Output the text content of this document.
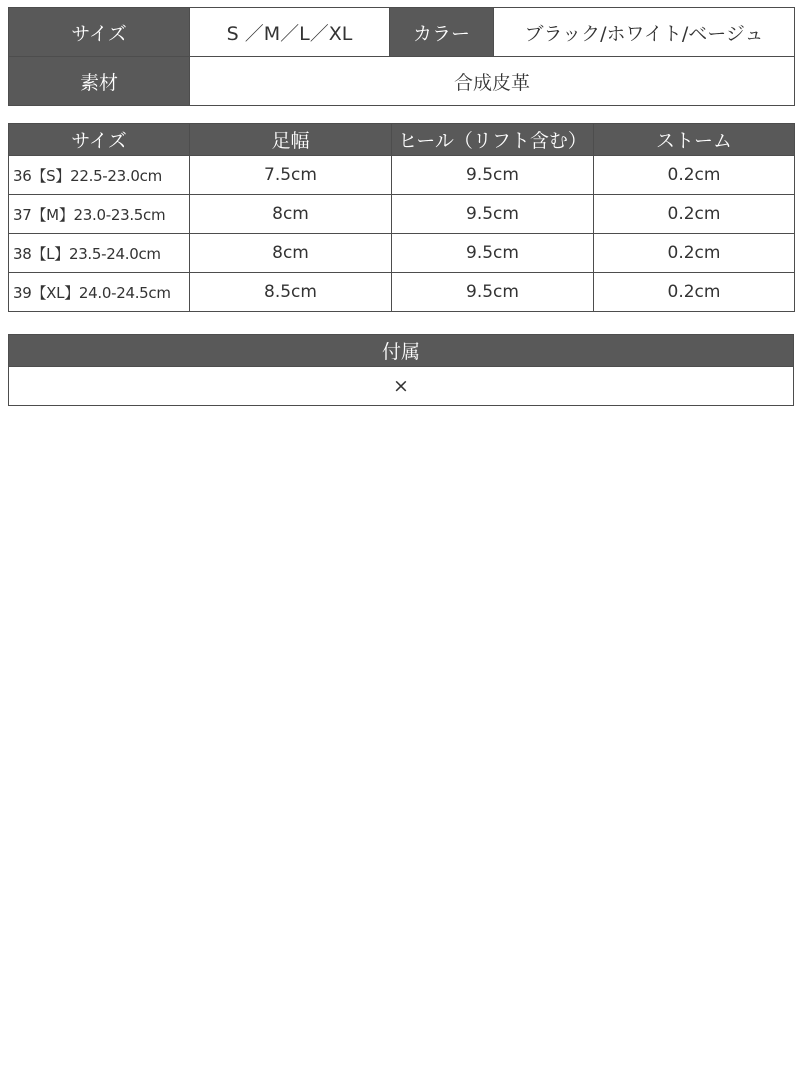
サイズ	S ／M／L／XL	カラー	ブラック/ホワイト/ベージュ
素材	合成皮革		
サイズ	足幅	ヒール（リフト含む）	ストーム
36【S】22.5-23.0cm	7.5cm	9.5cm	0.2cm
37【M】23.0-23.5cm	8cm	9.5cm	0.2cm
38【L】23.5-24.0cm	8cm	9.5cm	0.2cm
39【XL】24.0-24.5cm	8.5cm	9.5cm	0.2cm
付属
×
